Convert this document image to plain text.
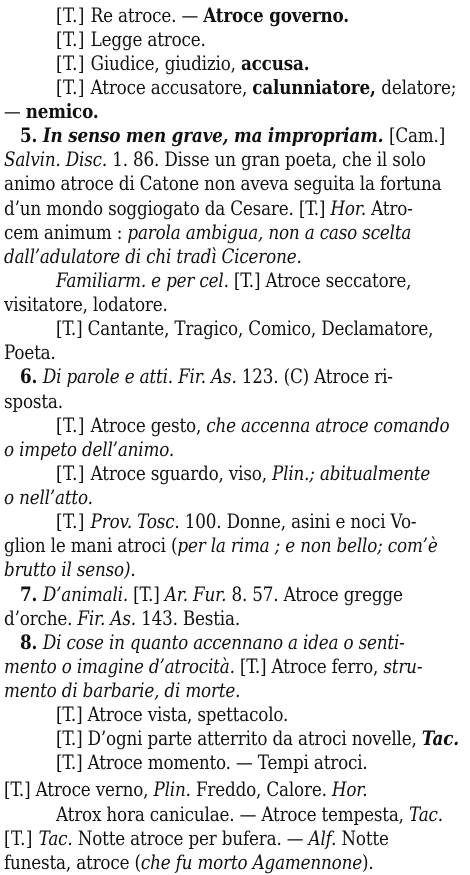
[T.] Re atroce. — Atroce governo.
[T.] Legge atroce.
[T.] Giudice, giudizio, accusa.
[T.] Atroce accusatore, calunniatore, delatore;
— nemico.
5. In senso men grave, ma impropriam. [Cam.]
Salvin. Disc. 1. 86. Disse un gran poeta, che il solo
animo atroce di Catone non aveva seguita la fortuna
d’un mondo soggiogato da Cesare. [T.] Hor. Atro-
cem animum : parola ambigua, non a caso scelta
dall’adulatore di chi tradì Cicerone.
Familiarm. e per cel. [T.] Atroce seccatore,
visitatore, lodatore.
[T.] Cantante, Tragico, Comico, Declamatore,
Poeta.
6. Di parole e atti. Fir. As. 123. (C) Atroce ri-
sposta.
[T.] Atroce gesto, che accenna atroce comando
o impeto dell’animo.
[T.] Atroce sguardo, viso, Plin.; abitualmente
o nell’atto.
[T.] Prov. Tosc. 100. Donne, asini e noci Vo-
glion le mani atroci (per la rima ; e non bello; com’è
brutto il senso).
7. D’animali. [T.] Ar. Fur. 8. 57. Atroce gregge
d’orche. Fir. As. 143. Bestia.
8. Di cose in quanto accennano a idea o senti-
mento o imagine d’atrocità. [T.] Atroce ferro, stru-
mento di barbarie, di morte.
[T.] Atroce vista, spettacolo.
[T.] D’ogni parte atterrito da atroci novelle, Tac.
[T.] Atroce momento. — Tempi atroci.
[T.] Atroce verno, Plin. Freddo, Calore. Hor.
Atrox hora caniculae. — Atroce tempesta, Tac.
[T.] Tac. Notte atroce per bufera. — Alf. Notte
funesta, atroce (che fu morto Agamennone).
